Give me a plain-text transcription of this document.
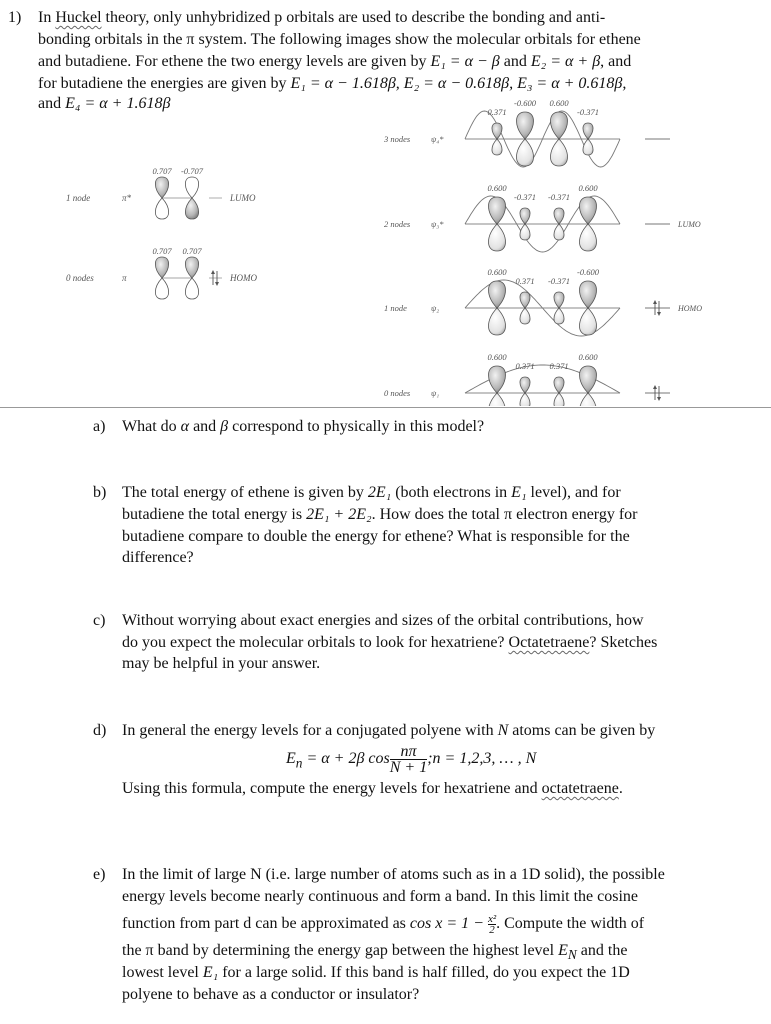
1) In Huckel theory, only unhybridized p orbitals are used to describe the bonding and anti-
bonding orbitals in the π system. The following images show the molecular orbitals for ethene
and butadiene. For ethene the two energy levels are given by E₁ = α − β and E₂ = α + β, and
for butadiene the energies are given by E₁ = α − 1.618β, E₂ = α − 0.618β, E₃ = α + 0.618β,
and E₄ = α + 1.618β
1 node	π*
0.707 -0.707
LUMO
0 nodes	π
0.707 0.707
HOMO
3 nodes ψ₄*
0.371
-0.600 0.600
-0.371
2 nodes ψ₃*
0.600
-0.371 -0.371
0.600
LUMO
1 node	ψ₂
0.600
0.371 -0.371
-0.600
HOMO
0 nodes ψ₁
0.600
0.371 0.371
0.600
a) What do α and β correspond to physically in this model?
b) The total energy of ethene is given by 2E₁ (both electrons in E₁ level), and for
butadiene the total energy is 2E₁ + 2E₂. How does the total π electron energy for
butadiene compare to double the energy for ethene? What is responsible for the
difference?
c) Without worrying about exact energies and sizes of the orbital contributions, how
do you expect the molecular orbitals to look for hexatriene? Octatetraene? Sketches
may be helpful in your answer.
d) In general the energy levels for a conjugated polyene with N atoms can be given by
$E_n = \alpha + 2\beta$ $\cos \frac{n\pi}{N + 1}$ ;n = 1,2,3, … , N
Using this formula, compute the energy levels for hexatriene and octatetraene.
e) In the limit of large N (i.e. large number of atoms such as in a 1D solid), the possible
energy levels become nearly continuous and form a band. In this limit the cosine
function from part d can be approximated as $\cos x = 1 - \frac{\text{x²}}{2}$. Compute the width of
the π band by determining the energy gap between the highest level $E_N$ and the
lowest level E₁ for a large solid. If this band is half filled, do you expect the 1D
polyene to behave as a conductor or insulator?
